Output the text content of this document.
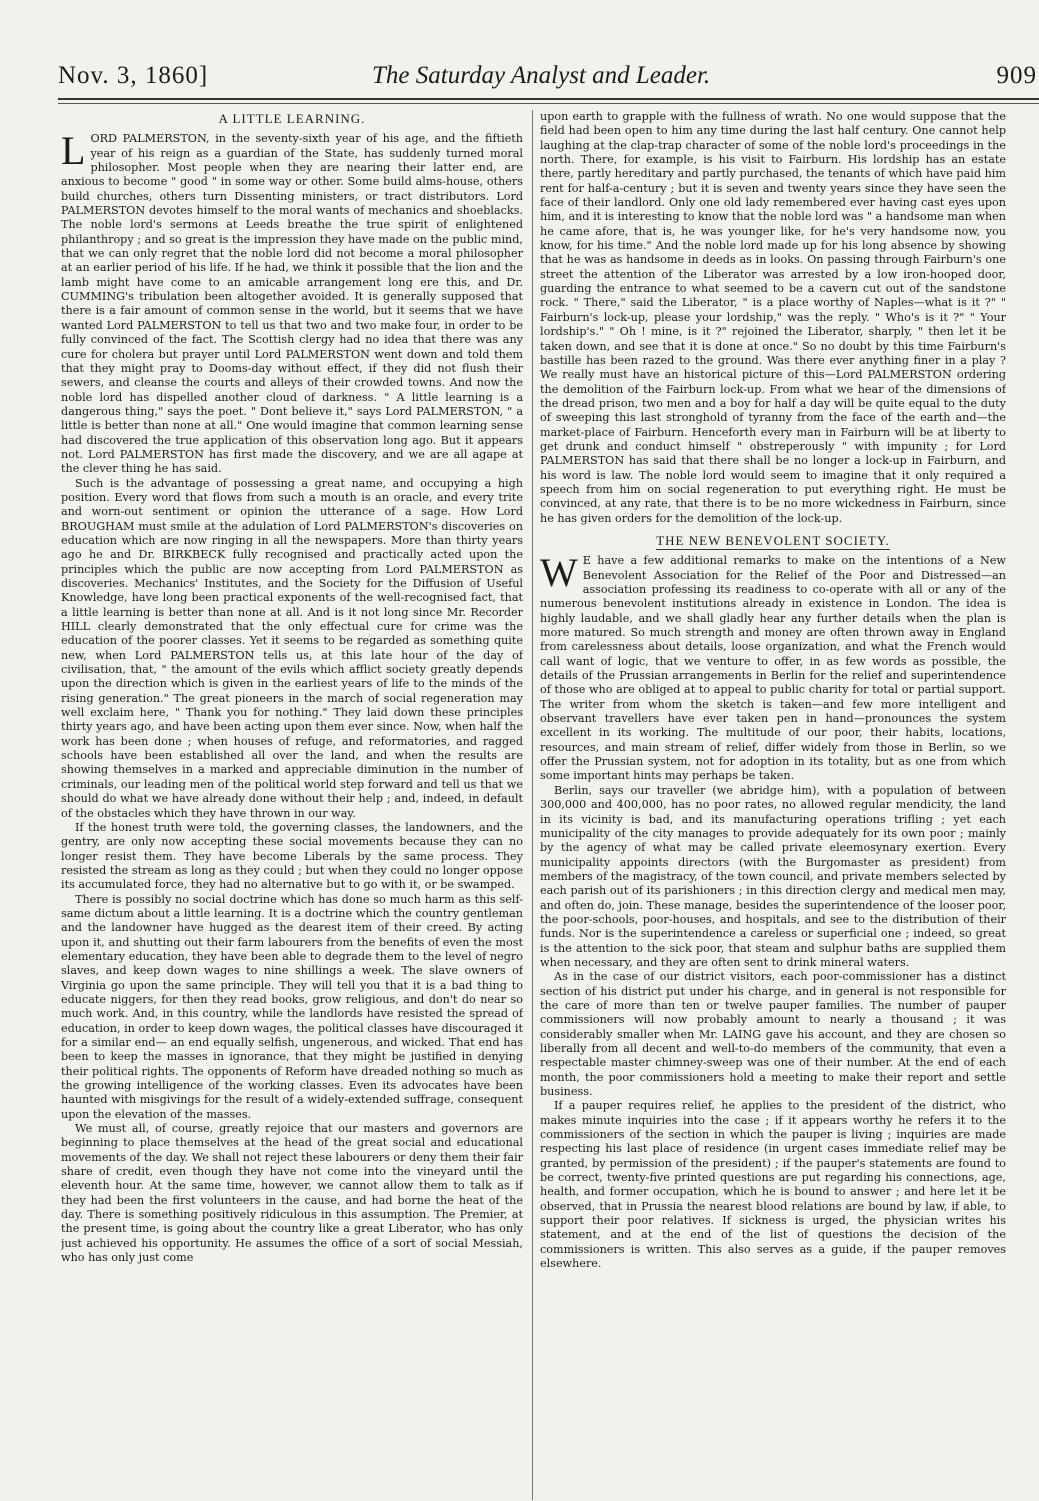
Nov. 3, 1860]	The Saturday Analyst and Leader.	909
A LITTLE LEARNING.

LORD PALMERSTON, in the seventy-sixth year of his age, and the fiftieth year of his reign as a guardian of the State, has suddenly turned moral philosopher. Most people when they are nearing their latter end, are anxious to become " good " in some way or other. Some build alms-house, others build churches, others turn Dissenting ministers, or tract distributors. Lord PALMERSTON devotes himself to the moral wants of mechanics and shoeblacks. The noble lord's sermons at Leeds breathe the true spirit of enlightened philanthropy ; and so great is the impression they have made on the public mind, that we can only regret that the noble lord did not become a moral philosopher at an earlier period of his life. If he had, we think it possible that the lion and the lamb might have come to an amicable arrangement long ere this, and Dr. CUMMING's tribulation been altogether avoided. It is generally supposed that there is a fair amount of common sense in the world, but it seems that we have wanted Lord PALMERSTON to tell us that two and two make four, in order to be fully convinced of the fact. The Scottish clergy had no idea that there was any cure for cholera but prayer until Lord PALMERSTON went down and told them that they might pray to Dooms-day without effect, if they did not flush their sewers, and cleanse the courts and alleys of their crowded towns. And now the noble lord has dispelled another cloud of darkness. " A little learning is a dangerous thing," says the poet. " Dont believe it," says Lord PALMERSTON, " a little is better than none at all." One would imagine that common learning sense had discovered the true application of this observation long ago. But it appears not. Lord PALMERSTON has first made the discovery, and we are all agape at the clever thing he has said.

Such is the advantage of possessing a great name, and occupying a high position. Every word that flows from such a mouth is an oracle, and every trite and worn-out sentiment or opinion the utterance of a sage. How Lord BROUGHAM must smile at the adulation of Lord PALMERSTON's discoveries on education which are now ringing in all the newspapers. More than thirty years ago he and Dr. BIRKBECK fully recognised and practically acted upon the principles which the public are now accepting from Lord PALMERSTON as discoveries. Mechanics' Institutes, and the Society for the Diffusion of Useful Knowledge, have long been practical exponents of the well-recognised fact, that a little learning is better than none at all. And is it not long since Mr. Recorder HILL clearly demonstrated that the only effectual cure for crime was the education of the poorer classes. Yet it seems to be regarded as something quite new, when Lord PALMERSTON tells us, at this late hour of the day of civilisation, that, " the amount of the evils which afflict society greatly depends upon the direction which is given in the earliest years of life to the minds of the rising generation." The great pioneers in the march of social regeneration may well exclaim here, " Thank you for nothing." They laid down these principles thirty years ago, and have been acting upon them ever since. Now, when half the work has been done ; when houses of refuge, and reformatories, and ragged schools have been established all over the land, and when the results are showing themselves in a marked and appreciable diminution in the number of criminals, our leading men of the political world step forward and tell us that we should do what we have already done without their help ; and, indeed, in default of the obstacles which they have thrown in our way.

If the honest truth were told, the governing classes, the landowners, and the gentry, are only now accepting these social movements because they can no longer resist them. They have become Liberals by the same process. They resisted the stream as long as they could ; but when they could no longer oppose its accumulated force, they had no alternative but to go with it, or be swamped.

There is possibly no social doctrine which has done so much harm as this self-same dictum about a little learning. It is a doctrine which the country gentleman and the landowner have hugged as the dearest item of their creed. By acting upon it, and shutting out their farm labourers from the benefits of even the most elementary education, they have been able to degrade them to the level of negro slaves, and keep down wages to nine shillings a week. The slave owners of Virginia go upon the same principle. They will tell you that it is a bad thing to educate niggers, for then they read books, grow religious, and don't do near so much work. And, in this country, while the landlords have resisted the spread of education, in order to keep down wages, the political classes have discouraged it for a similar end— an end equally selfish, ungenerous, and wicked. That end has been to keep the masses in ignorance, that they might be justified in denying their political rights. The opponents of Reform have dreaded nothing so much as the growing intelligence of the working classes. Even its advocates have been haunted with misgivings for the result of a widely-extended suffrage, consequent upon the elevation of the masses.

We must all, of course, greatly rejoice that our masters and governors are beginning to place themselves at the head of the great social and educational movements of the day. We shall not reject these labourers or deny them their fair share of credit, even though they have not come into the vineyard until the eleventh hour. At the same time, however, we cannot allow them to talk as if they had been the first volunteers in the cause, and had borne the heat of the day. There is something positively ridiculous in this assumption. The Premier, at the present time, is going about the country like a great Liberator, who has only just achieved his opportunity. He assumes the office of a sort of social Messiah, who has only just come

upon earth to grapple with the fullness of wrath. No one would suppose that the field had been open to him any time during the last half century. One cannot help laughing at the clap-trap character of some of the noble lord's proceedings in the north. There, for example, is his visit to Fairburn. His lordship has an estate there, partly hereditary and partly purchased, the tenants of which have paid him rent for half-a-century ; but it is seven and twenty years since they have seen the face of their landlord. Only one old lady remembered ever having cast eyes upon him, and it is interesting to know that the noble lord was " a handsome man when he came afore, that is, he was younger like, for he's very handsome now, you know, for his time." And the noble lord made up for his long absence by showing that he was as handsome in deeds as in looks. On passing through Fairburn's one street the attention of the Liberator was arrested by a low iron-hooped door, guarding the entrance to what seemed to be a cavern cut out of the sandstone rock. " There," said the Liberator, " is a place worthy of Naples—what is it ?" " Fairburn's lock-up, please your lordship," was the reply. " Who's is it ?" " Your lordship's." " Oh ! mine, is it ?" rejoined the Liberator, sharply, " then let it be taken down, and see that it is done at once." So no doubt by this time Fairburn's bastille has been razed to the ground. Was there ever anything finer in a play ? We really must have an historical picture of this—Lord PALMERSTON ordering the demolition of the Fairburn lock-up. From what we hear of the dimensions of the dread prison, two men and a boy for half a day will be quite equal to the duty of sweeping this last stronghold of tyranny from the face of the earth and—the market-place of Fairburn. Henceforth every man in Fairburn will be at liberty to get drunk and conduct himself " obstreperously " with impunity ; for Lord PALMERSTON has said that there shall be no longer a lock-up in Fairburn, and his word is law. The noble lord would seem to imagine that it only required a speech from him on social regeneration to put everything right. He must be convinced, at any rate, that there is to be no more wickedness in Fairburn, since he has given orders for the demolition of the lock-up.

THE NEW BENEVOLENT SOCIETY.

W E have a few additional remarks to make on the intentions of a New Benevolent Association for the Relief of the Poor and Distressed—an association professing its readiness to co-operate with all or any of the numerous benevolent institutions already in existence in London. The idea is highly laudable, and we shall gladly hear any further details when the plan is more matured. So much strength and money are often thrown away in England from carelessness about details, loose organization, and what the French would call want of logic, that we venture to offer, in as few words as possible, the details of the Prussian arrangements in Berlin for the relief and superintendence of those who are obliged at to appeal to public charity for total or partial support. The writer from whom the sketch is taken—and few more intelligent and observant travellers have ever taken pen in hand—pronounces the system excellent in its working. The multitude of our poor, their habits, locations, resources, and main stream of relief, differ widely from those in Berlin, so we offer the Prussian system, not for adoption in its totality, but as one from which some important hints may perhaps be taken.

Berlin, says our traveller (we abridge him), with a population of between 300,000 and 400,000, has no poor rates, no allowed regular mendicity, the land in its vicinity is bad, and its manufacturing operations trifling ; yet each municipality of the city manages to provide adequately for its own poor ; mainly by the agency of what may be called private eleemosynary exertion. Every municipality appoints directors (with the Burgomaster as president) from members of the magistracy, of the town council, and private members selected by each parish out of its parishioners ; in this direction clergy and medical men may, and often do, join. These manage, besides the superintendence of the looser poor, the poor-schools, poor-houses, and hospitals, and see to the distribution of their funds. Nor is the superintendence a careless or superficial one ; indeed, so great is the attention to the sick poor, that steam and sulphur baths are supplied them when necessary, and they are often sent to drink mineral waters.

As in the case of our district visitors, each poor-commissioner has a distinct section of his district put under his charge, and in general is not responsible for the care of more than ten or twelve pauper families. The number of pauper commissioners will now probably amount to nearly a thousand ; it was considerably smaller when Mr. LAING gave his account, and they are chosen so liberally from all decent and well-to-do members of the community, that even a respectable master chimney-sweep was one of their number. At the end of each month, the poor commissioners hold a meeting to make their report and settle business.

If a pauper requires relief, he applies to the president of the district, who makes minute inquiries into the case ; if it appears worthy he refers it to the commissioners of the section in which the pauper is living ; inquiries are made respecting his last place of residence (in urgent cases immediate relief may be granted, by permission of the president) ; if the pauper's statements are found to be correct, twenty-five printed questions are put regarding his connections, age, health, and former occupation, which he is bound to answer ; and here let it be observed, that in Prussia the nearest blood relations are bound by law, if able, to support their poor relatives. If sickness is urged, the physician writes his statement, and at the end of the list of questions the decision of the commissioners is written. This also serves as a guide, if the pauper removes elsewhere.
